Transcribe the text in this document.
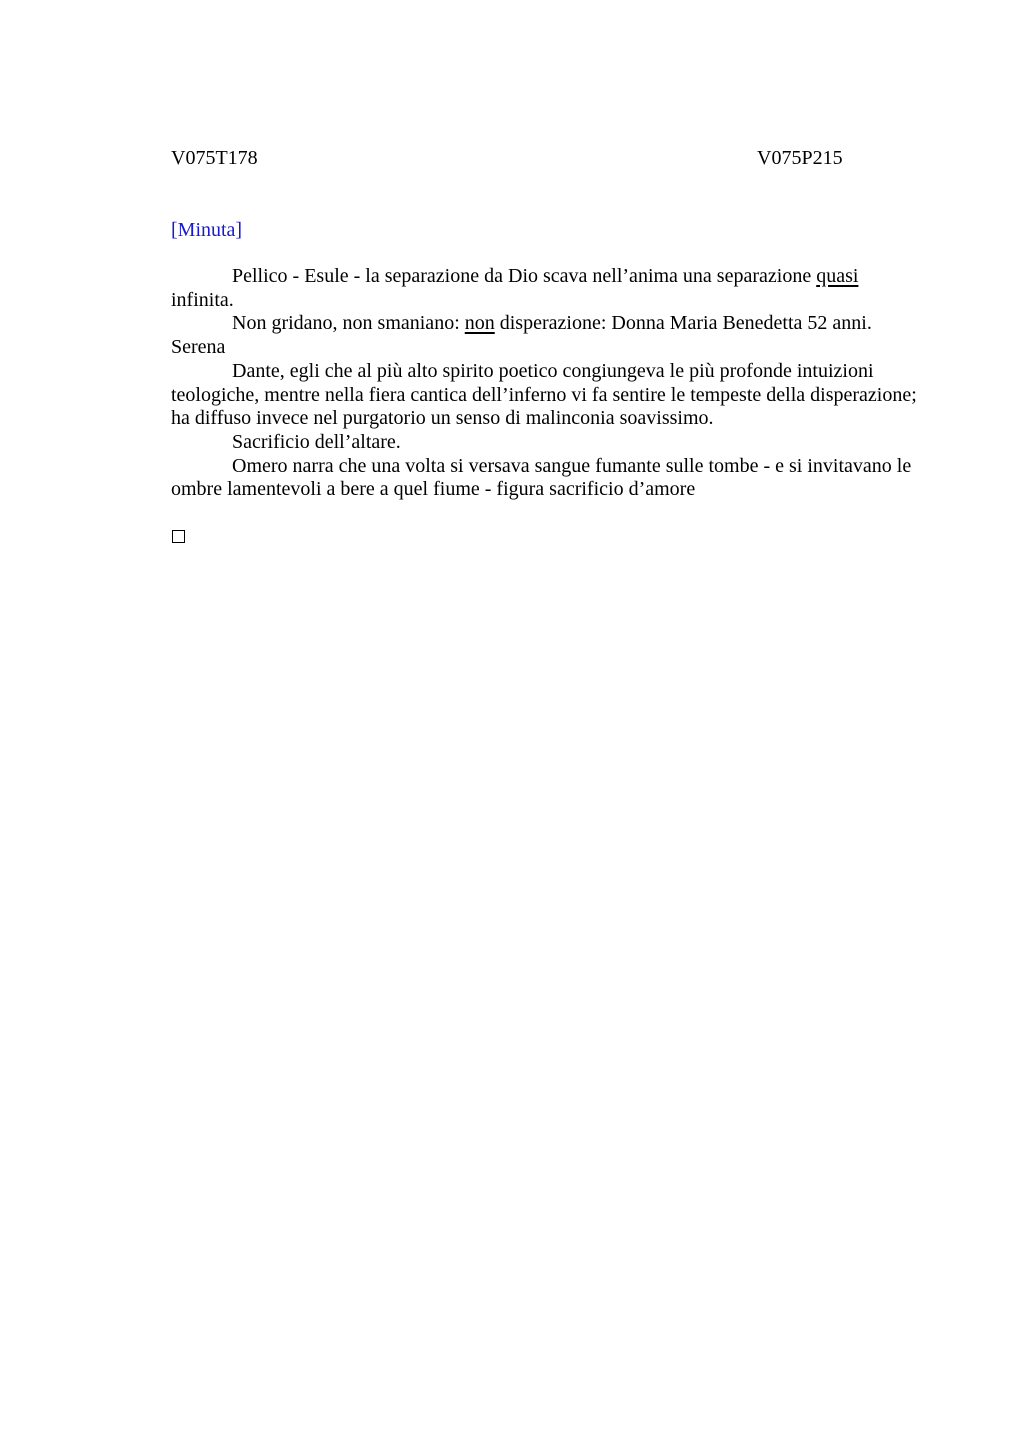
V075T178	V075P215
[Minuta]

Pellico - Esule - la separazione da Dio scava nell’anima una separazione quasi infinita.

Non gridano, non smaniano: non disperazione: Donna Maria Benedetta 52 anni. Serena

Dante, egli che al più alto spirito poetico congiungeva le più profonde intuizioni teologiche, mentre nella fiera cantica dell’inferno vi fa sentire le tempeste della disperazione; ha diffuso invece nel purgatorio un senso di malinconia soavissimo.

Sacrificio dell’altare.

Omero narra che una volta si versava sangue fumante sulle tombe - e si invitavano le ombre lamentevoli a bere a quel fiume - figura sacrificio d’amore
